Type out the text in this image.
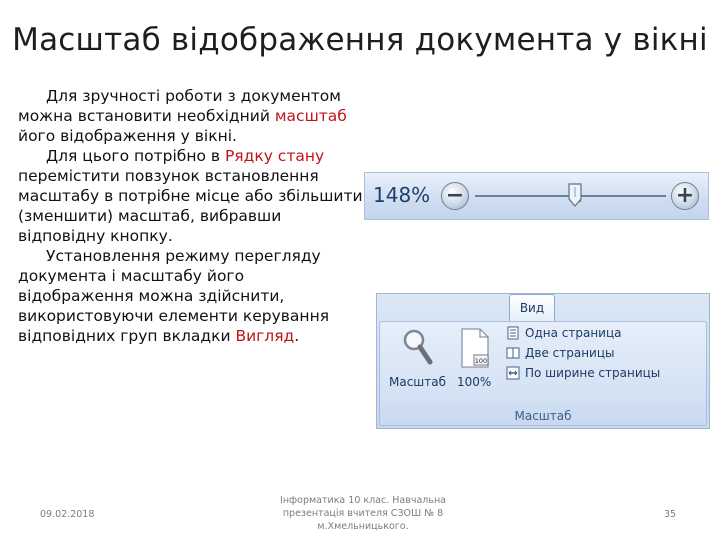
Масштаб відображення документа у вікні

Для зручності роботи з документом можна встановити необхідний масштаб його відображення у вікні.

Для цього потрібно в Рядку стану перемістити повзунок встановлення масштабу в потрібне місце або збільшити (зменшити) масштаб, вибравши відповідну кнопку.

Установлення режиму перегляду документа і масштабу його відображення можна здійснити, використовуючи елементи керування відповідних груп вкладки Вигляд.

148% −	+
Вид
Масштаб
100
100%
Одна страница
Две страницы
По ширине страницы
Масштаб
09.02.2018
Інформатика 10 клас. Навчальна
презентація вчителя СЗОШ № 8
м.Хмельницького.
35
